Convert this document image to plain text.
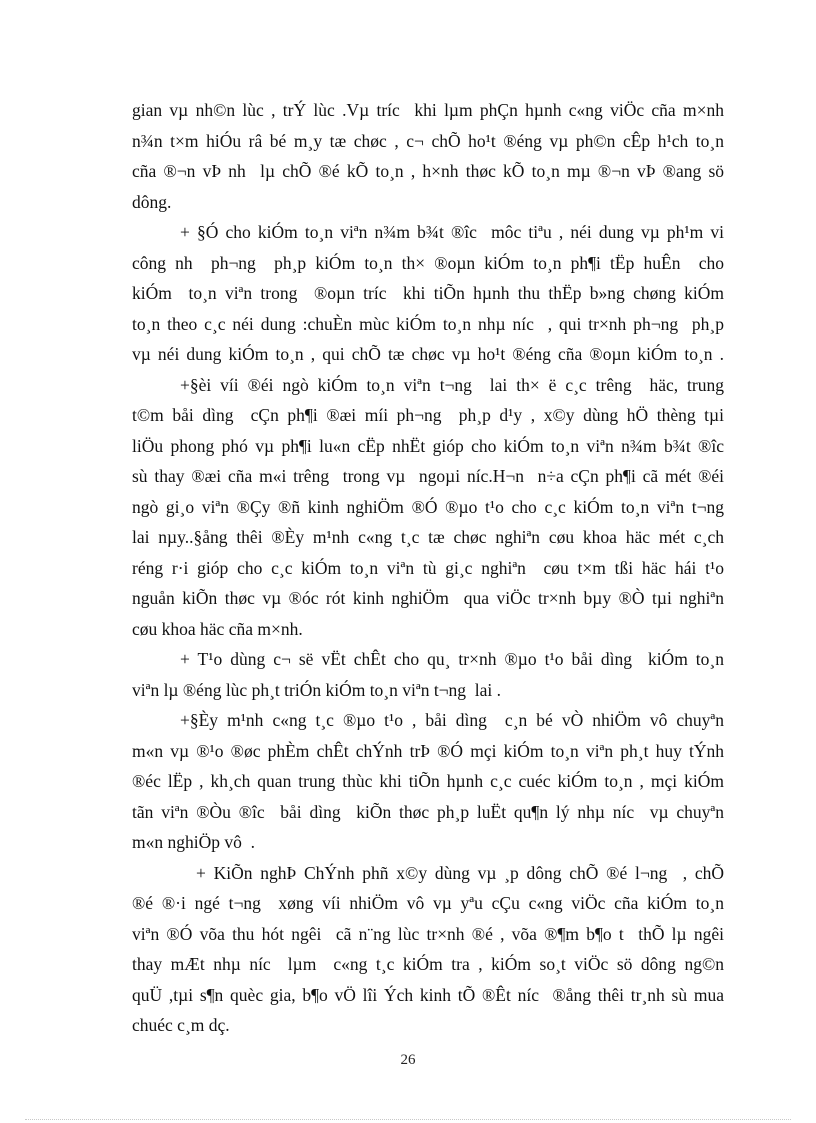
gian vµ nh©n lùc , trÝ lùc .Vµ tríc  khi lµm phÇn hµnh c«ng viÖc cña m×nh
n¾n t×m hiÓu râ bé m¸y tæ chøc , c¬ chÕ ho¹t ®éng vµ ph©n cÊp h¹ch to¸n
cña ®¬n vÞ nh  lµ chÕ ®é kÕ to¸n , h×nh thøc kÕ to¸n mµ ®¬n vÞ ®ang sö
dông.
+ §Ó cho kiÓm to¸n viªn n¾m b¾t ®îc  môc tiªu , néi dung vµ ph¹m vi
công nh  ph¬ng  ph¸p kiÓm to¸n th× ®oµn kiÓm to¸n ph¶i tËp huÊn  cho
kiÓm  to¸n viªn trong  ®oµn tríc  khi tiÕn hµnh thu thËp b»ng chøng kiÓm
to¸n theo c¸c néi dung :chuÈn mùc kiÓm to¸n nhµ níc  , qui tr×nh ph¬ng  ph¸p
vµ néi dung kiÓm to¸n , qui chÕ tæ chøc vµ ho¹t ®éng cña ®oµn kiÓm to¸n .
+§èi víi ®éi ngò kiÓm to¸n viªn t¬ng  lai th× ë c¸c trêng  häc, trung
t©m båi dìng  cÇn ph¶i ®æi míi ph¬ng  ph¸p d¹y , x©y dùng hÖ thèng tµi
liÖu phong phó vµ ph¶i lu«n cËp nhËt gióp cho kiÓm to¸n viªn n¾m b¾t ®îc
sù thay ®æi cña m«i trêng  trong vµ  ngoµi níc.H¬n  n÷a cÇn ph¶i cã mét ®éi
ngò gi¸o viªn ®Çy ®ñ kinh nghiÖm ®Ó ®µo t¹o cho c¸c kiÓm to¸n viªn t¬ng
lai nµy..§ång thêi ®Èy m¹nh c«ng t¸c tæ chøc nghiªn cøu khoa häc mét c¸ch
réng r·i gióp cho c¸c kiÓm to¸n viªn tù gi¸c nghiªn  cøu t×m tßi häc hái t¹o
nguån kiÕn thøc vµ ®óc rót kinh nghiÖm  qua viÖc tr×nh bµy ®Ò tµi nghiªn
cøu khoa häc cña m×nh.
+ T¹o dùng c¬ së vËt chÊt cho qu¸ tr×nh ®µo t¹o båi dìng  kiÓm to¸n
viªn lµ ®éng lùc ph¸t triÓn kiÓm to¸n viªn t¬ng  lai .
+§Èy m¹nh c«ng t¸c ®µo t¹o , båi dìng  c¸n bé vÒ nhiÖm vô chuyªn
m«n vµ ®¹o ®øc phÈm chÊt chÝnh trÞ ®Ó mçi kiÓm to¸n viªn ph¸t huy tÝnh
®éc lËp , kh¸ch quan trung thùc khi tiÕn hµnh c¸c cuéc kiÓm to¸n , mçi kiÓm
tãn viªn ®Òu ®îc  båi dìng  kiÕn thøc ph¸p luËt qu¶n lý nhµ níc  vµ chuyªn
m«n nghiÖp vô  .
+ KiÕn nghÞ ChÝnh phñ x©y dùng vµ ¸p dông chÕ ®é l¬ng  , chÕ
®é ®·i ngé t¬ng  xøng víi nhiÖm vô vµ yªu cÇu c«ng viÖc cña kiÓm to¸n
viªn ®Ó võa thu hót ngêi  cã n¨ng lùc tr×nh ®é , võa ®¶m b¶o t  thÕ lµ ngêi
thay mÆt nhµ níc  lµm  c«ng t¸c kiÓm tra , kiÓm so¸t viÖc sö dông ng©n
quÜ ,tµi s¶n quèc gia, b¶o vÖ lîi Ých kinh tÕ ®Êt níc  ®ång thêi tr¸nh sù mua
chuéc c¸m dç.
26
